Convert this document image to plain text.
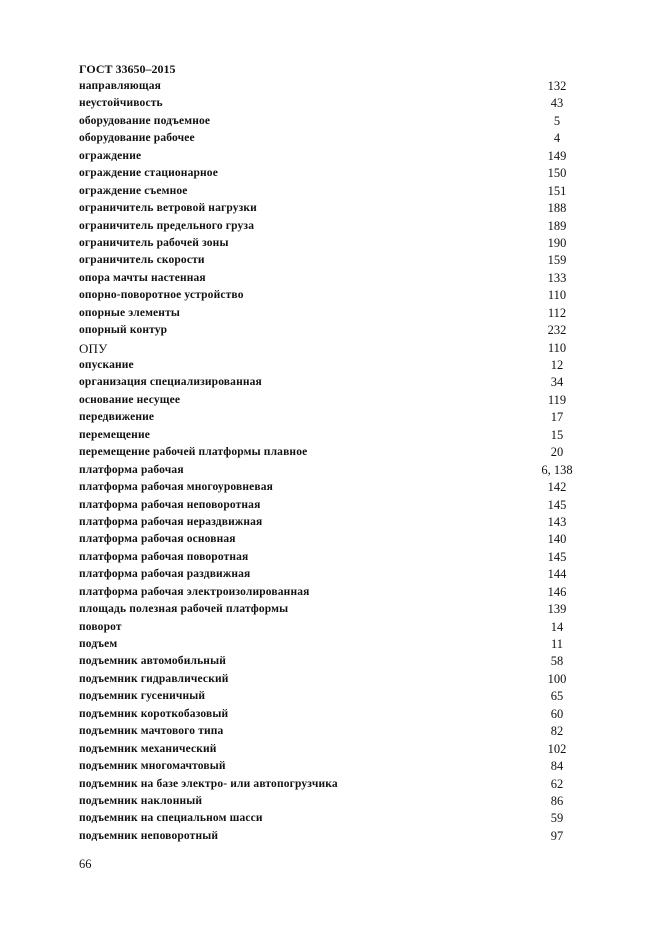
ГОСТ 33650–2015
направляющая	132
неустойчивость	43
оборудование подъемное	5
оборудование рабочее	4
ограждение	149
ограждение стационарное	150
ограждение съемное	151
ограничитель ветровой нагрузки	188
ограничитель предельного груза	189
ограничитель рабочей зоны	190
ограничитель скорости	159
опора мачты настенная	133
опорно-поворотное устройство	110
опорные элементы	112
опорный контур	232
ОПУ	110
опускание	12
организация специализированная	34
основание несущее	119
передвижение	17
перемещение	15
перемещение рабочей платформы плавное	20
платформа рабочая	6, 138
платформа рабочая многоуровневая	142
платформа рабочая неповоротная	145
платформа рабочая нераздвижная	143
платформа рабочая основная	140
платформа рабочая поворотная	145
платформа рабочая раздвижная	144
платформа рабочая электроизолированная	146
площадь полезная рабочей платформы	139
поворот	14
подъем	11
подъемник автомобильный	58
подъемник гидравлический	100
подъемник гусеничный	65
подъемник короткобазовый	60
подъемник мачтового типа	82
подъемник механический	102
подъемник многомачтовый	84
подъемник на базе электро- или автопогрузчика	62
подъемник наклонный	86
подъемник на специальном шасси	59
подъемник неповоротный	97
66
